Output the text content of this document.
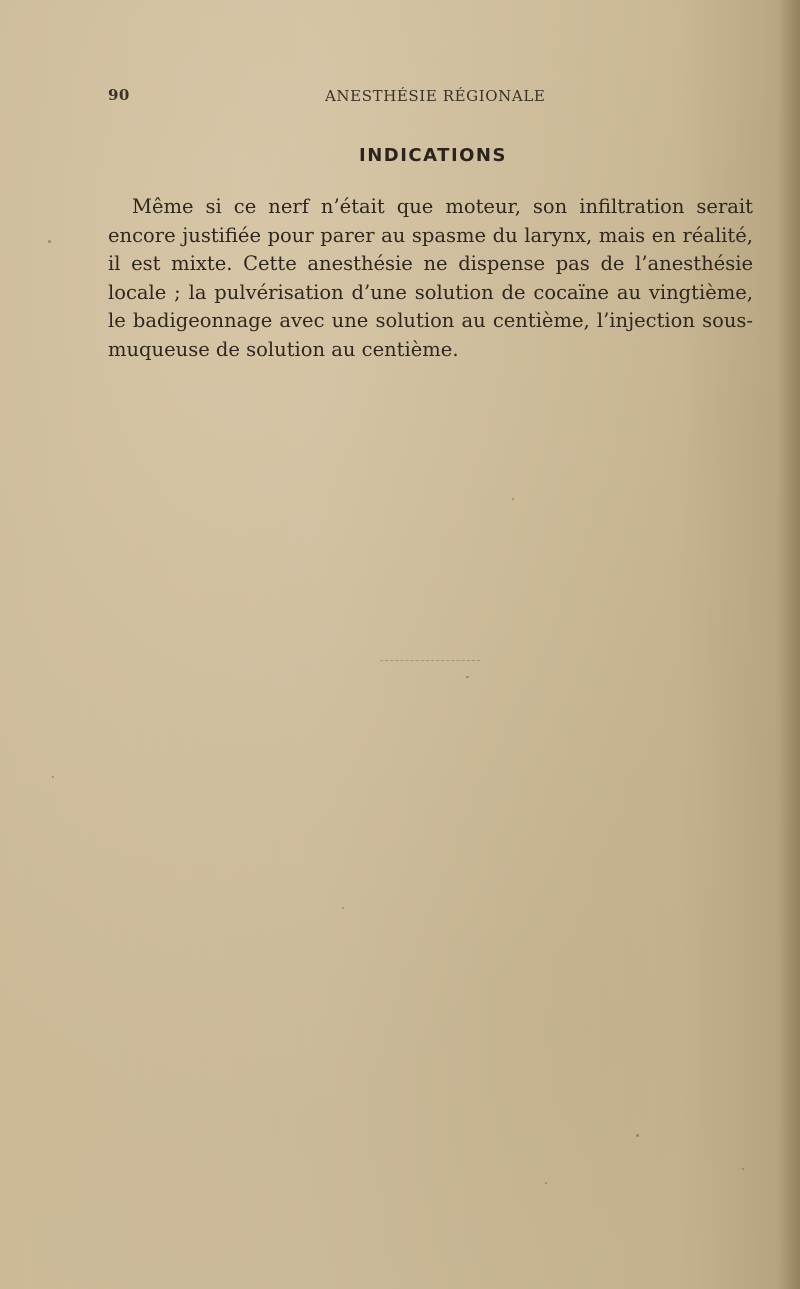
90	ANESTHÉSIE RÉGIONALE
INDICATIONS

Même si ce nerf n’était que moteur, son infiltration serait encore justifiée pour parer au spasme du larynx, mais en réalité, il est mixte. Cette anesthésie ne dispense pas de l’anesthésie locale ; la pulvérisation d’une solution de cocaïne au vingtième, le badigeonnage avec une solution au centième, l’injection sous-muqueuse de solution au centième.
